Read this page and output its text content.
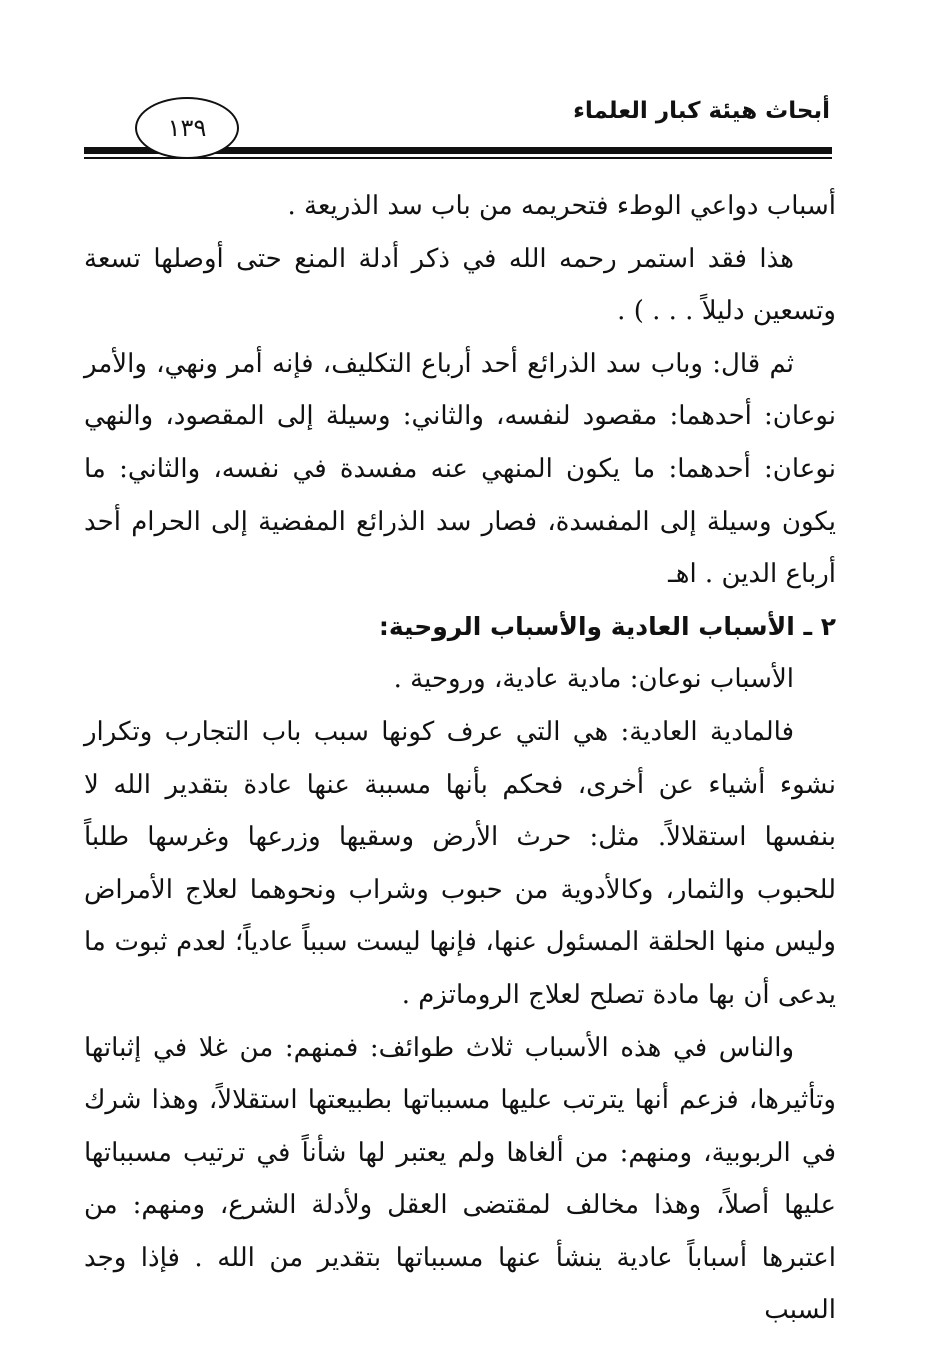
أبحاث هيئة كبار العلماء
١٣٩

أسباب دواعي الوطء فتحريمه من باب سد الذريعة .

هذا فقد استمر رحمه الله في ذكر أدلة المنع حتى أوصلها تسعة وتسعين دليلاً . . . ) .

ثم قال: وباب سد الذرائع أحد أرباع التكليف، فإنه أمر ونهي، والأمر نوعان: أحدهما: مقصود لنفسه، والثاني: وسيلة إلى المقصود، والنهي نوعان: أحدهما: ما يكون المنهي عنه مفسدة في نفسه، والثاني: ما يكون وسيلة إلى المفسدة، فصار سد الذرائع المفضية إلى الحرام أحد أرباع الدين . اهـ

٢ ـ الأسباب العادية والأسباب الروحية:

الأسباب نوعان: مادية عادية، وروحية .

فالمادية العادية: هي التي عرف كونها سبب باب التجارب وتكرار نشوء أشياء عن أخرى، فحكم بأنها مسببة عنها عادة بتقدير الله لا بنفسها استقلالاً. مثل: حرث الأرض وسقيها وزرعها وغرسها طلباً للحبوب والثمار، وكالأدوية من حبوب وشراب ونحوهما لعلاج الأمراض وليس منها الحلقة المسئول عنها، فإنها ليست سبباً عادياً؛ لعدم ثبوت ما يدعى أن بها مادة تصلح لعلاج الروماتزم .

والناس في هذه الأسباب ثلاث طوائف: فمنهم: من غلا في إثباتها وتأثيرها، فزعم أنها يترتب عليها مسبباتها بطبيعتها استقلالاً، وهذا شرك في الربوبية، ومنهم: من ألغاها ولم يعتبر لها شأناً في ترتيب مسبباتها عليها أصلاً، وهذا مخالف لمقتضى العقل ولأدلة الشرع، ومنهم: من اعتبرها أسباباً عادية ينشأ عنها مسبباتها بتقدير من الله . فإذا وجد السبب
